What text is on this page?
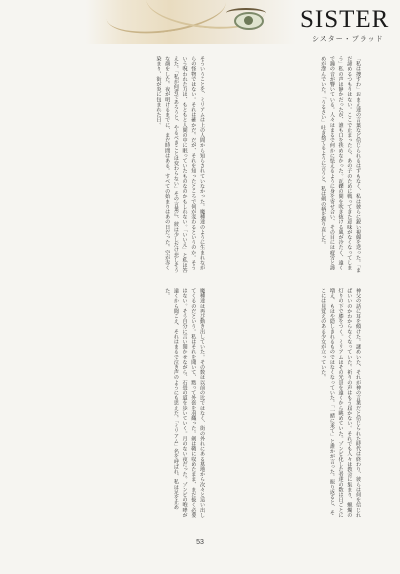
SISTER
シスター・ブラッド
「私は捜すわ」おまえ達の言葉など信じられるはずもなく、私は彼らに鋭い視線を送った。「まだ諦めるつもりはない。ここで止まったら、あの子のために戦ってきた意味がなくなってしまう」私の声は静かだったが、誰も口を挟めなかった。瓦礫の間を吹き抜ける風が冷たく、遠くで鐘の音が響いている。人々はまるで何かに怯えるように身を寄せ合い、その目には疲労と諦めが滲んでいた。「うるさい」吐き捨てるように言うと、私は剣の柄を握り直した。
そういうことを、ミリアムは上の人間から知らされていなかった。魔種達のように生まれながらの怪物ではない。それは確かだ。だが、それを知ったところで何が変わるというのか。そういう呪われた力は、もともと人間の中に眠っていたものなのかもしれない。「いいえ」と私は答えた。「私が何者であろうと、やるべきことは変わらない」その言葉に、彼は少しだけ悲しそうな顔をした。夜が明けるまでに、まだ時間はある。すべての始まりはあの日だった。空が赤く染まり、街が炎に包まれた日。
神父の話に耳を傾けた。謎めいた、それが神の言葉だと信じられた時代は終わり、彼らは何を信じればいいのかわからなくなっていた。祈りの声はもう届かない。それでも人々は教会に集まり、蝋燭の灯りの下で膝をつく。ミリアムはその光景を遠くから眺めていた。ゾンビ化した者達の数は日ごとに増え、もはや隠しきれるものではなくなっていた。「一緒に来て」と誰かが言った。振り返ると、そこには見覚えのある少女が立っていた。
魔種達は再び動き出していた。その数は以前の比ではなく、街の外れにある墓地から次々と這い出してくるのだという。私はそれを聞いて、黙って外套を羽織った。剣は鞘に収めたまま、まだ抜く必要はない。そう自分に言い聞かせながら、石畳の道を歩いていく。月のない夜だった。ゾンビの咆哮が遠くから聞こえ、それはまるで泣き声のようにも思えた。「ミリアム」名を呼ばれ、私は足を止めた。
53
